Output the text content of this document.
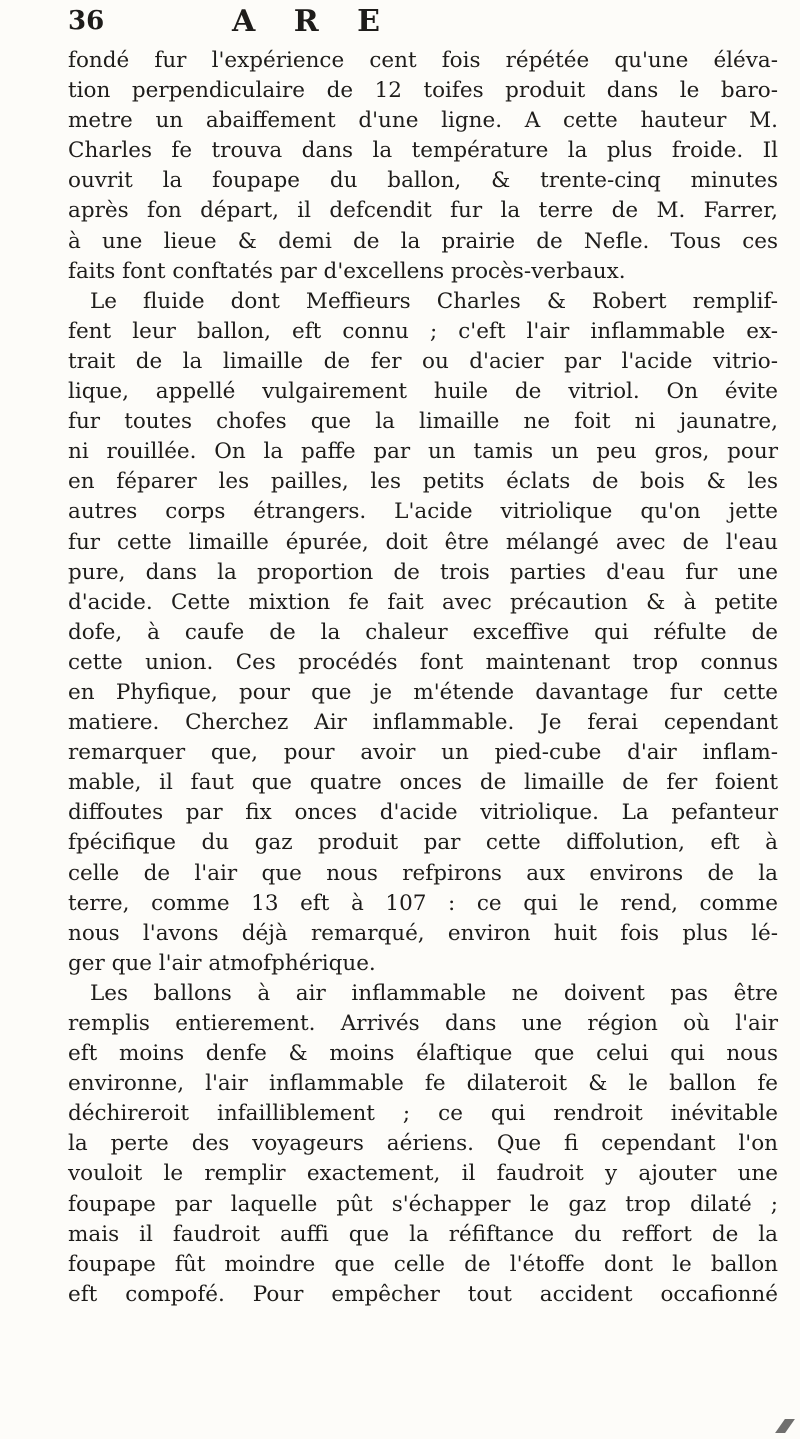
36	A R E
fondé fur l'expérience cent fois répétée qu'une éléva-
tion perpendiculaire de 12 toifes produit dans le baro-
metre un abaiffement d'une ligne. A cette hauteur M.
Charles fe trouva dans la température la plus froide. Il
ouvrit la foupape du ballon, & trente-cinq minutes
après fon départ, il defcendit fur la terre de M. Farrer,
à une lieue & demi de la prairie de Nefle. Tous ces
faits font conftatés par d'excellens procès-verbaux.
Le fluide dont Meffieurs Charles & Robert remplif-
fent leur ballon, eft connu ; c'eft l'air inflammable ex-
trait de la limaille de fer ou d'acier par l'acide vitrio-
lique, appellé vulgairement huile de vitriol. On évite
fur toutes chofes que la limaille ne foit ni jaunatre,
ni rouillée. On la paffe par un tamis un peu gros, pour
en féparer les pailles, les petits éclats de bois & les
autres corps étrangers. L'acide vitriolique qu'on jette
fur cette limaille épurée, doit être mélangé avec de l'eau
pure, dans la proportion de trois parties d'eau fur une
d'acide. Cette mixtion fe fait avec précaution & à petite
dofe, à caufe de la chaleur exceffive qui réfulte de
cette union. Ces procédés font maintenant trop connus
en Phyfique, pour que je m'étende davantage fur cette
matiere. Cherchez Air inflammable. Je ferai cependant
remarquer que, pour avoir un pied-cube d'air inflam-
mable, il faut que quatre onces de limaille de fer foient
diffoutes par fix onces d'acide vitriolique. La pefanteur
fpécifique du gaz produit par cette diffolution, eft à
celle de l'air que nous refpirons aux environs de la
terre, comme 13 eft à 107 : ce qui le rend, comme
nous l'avons déjà remarqué, environ huit fois plus lé-
ger que l'air atmofphérique.
Les ballons à air inflammable ne doivent pas être
remplis entierement. Arrivés dans une région où l'air
eft moins denfe & moins élaftique que celui qui nous
environne, l'air inflammable fe dilateroit & le ballon fe
déchireroit infailliblement ; ce qui rendroit inévitable
la perte des voyageurs aériens. Que fi cependant l'on
vouloit le remplir exactement, il faudroit y ajouter une
foupape par laquelle pût s'échapper le gaz trop dilaté ;
mais il faudroit auffi que la réfiftance du reffort de la
foupape fût moindre que celle de l'étoffe dont le ballon
eft compofé. Pour empêcher tout accident occafionné
